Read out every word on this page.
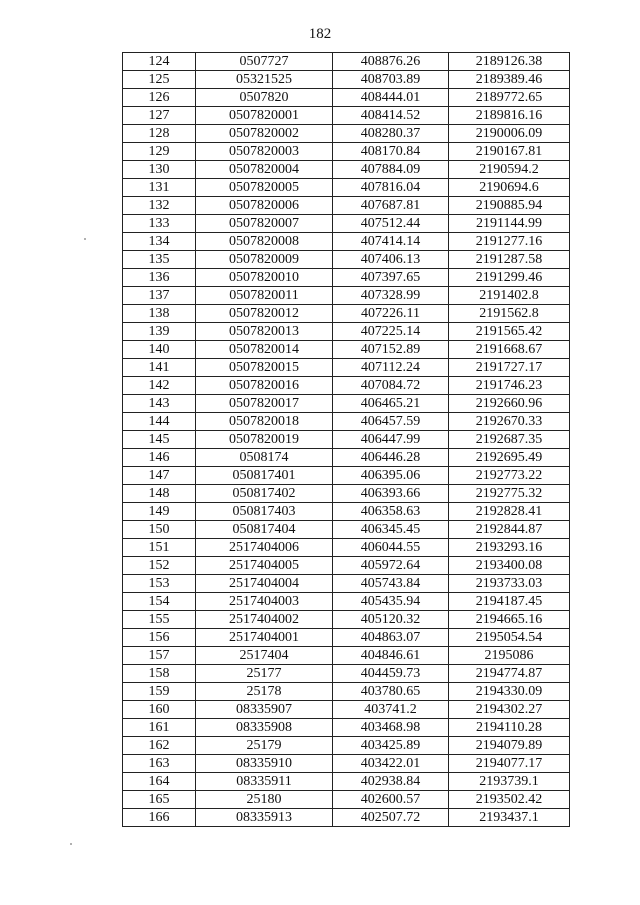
182
124	0507727	408876.26	2189126.38
125	05321525	408703.89	2189389.46
126	0507820	408444.01	2189772.65
127	0507820001	408414.52	2189816.16
128	0507820002	408280.37	2190006.09
129	0507820003	408170.84	2190167.81
130	0507820004	407884.09	2190594.2
131	0507820005	407816.04	2190694.6
132	0507820006	407687.81	2190885.94
133	0507820007	407512.44	2191144.99
134	0507820008	407414.14	2191277.16
135	0507820009	407406.13	2191287.58
136	0507820010	407397.65	2191299.46
137	0507820011	407328.99	2191402.8
138	0507820012	407226.11	2191562.8
139	0507820013	407225.14	2191565.42
140	0507820014	407152.89	2191668.67
141	0507820015	407112.24	2191727.17
142	0507820016	407084.72	2191746.23
143	0507820017	406465.21	2192660.96
144	0507820018	406457.59	2192670.33
145	0507820019	406447.99	2192687.35
146	0508174	406446.28	2192695.49
147	050817401	406395.06	2192773.22
148	050817402	406393.66	2192775.32
149	050817403	406358.63	2192828.41
150	050817404	406345.45	2192844.87
151	2517404006	406044.55	2193293.16
152	2517404005	405972.64	2193400.08
153	2517404004	405743.84	2193733.03
154	2517404003	405435.94	2194187.45
155	2517404002	405120.32	2194665.16
156	2517404001	404863.07	2195054.54
157	2517404	404846.61	2195086
158	25177	404459.73	2194774.87
159	25178	403780.65	2194330.09
160	08335907	403741.2	2194302.27
161	08335908	403468.98	2194110.28
162	25179	403425.89	2194079.89
163	08335910	403422.01	2194077.17
164	08335911	402938.84	2193739.1
165	25180	402600.57	2193502.42
166	08335913	402507.72	2193437.1
